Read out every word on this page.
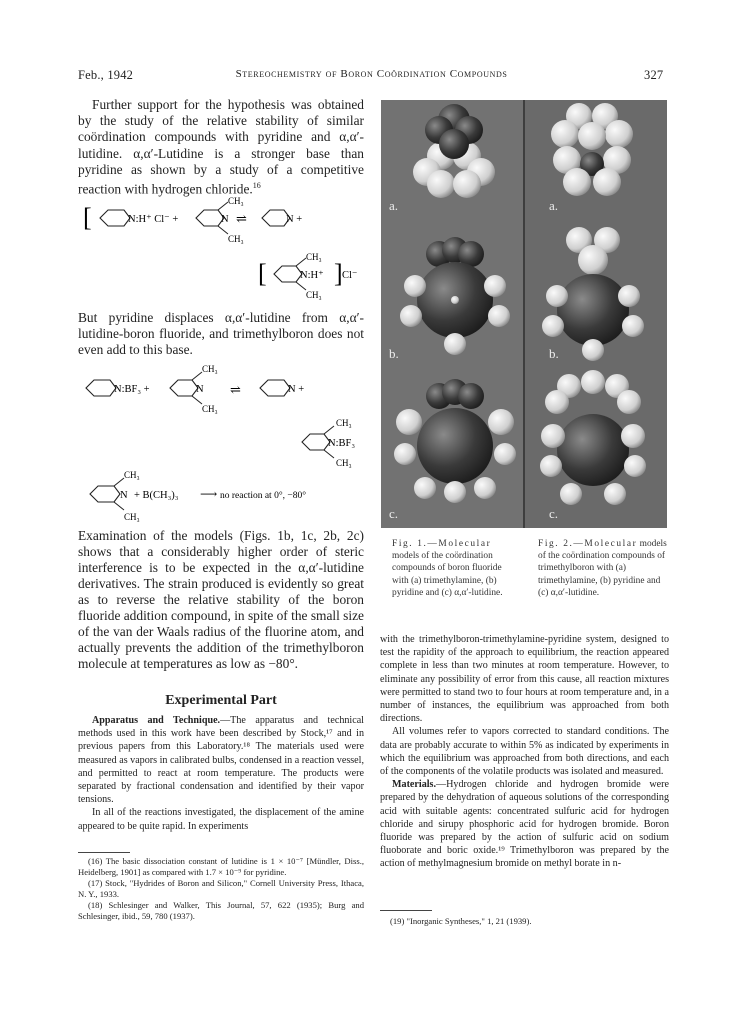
Feb., 1942	Stereochemistry of Boron Coördination Compounds	327

Further support for the hypothesis was obtained by the study of the relative stability of similar coördination compounds with pyridine and α,α′-lutidine. α,α′-Lutidine is a stronger base than pyridine as shown by a study of a competitive reaction with hydrogen chloride.$^{16}$

[	N:H⁺ Cl⁻ +	N
CH₃
CH₃
⇌	N +
[	N:H⁺
CH₃
CH₃
] Cl⁻

But pyridine displaces α,α′-lutidine from α,α′-lutidine-boron fluoride, and trimethylboron does not even add to this base.

N:BF₃ +	N
CH₃
CH₃
⇌	N +
N:BF₃
CH₃
CH₃
N
CH₃
CH₃
+ B(CH₃)₃ ⟶ no reaction at 0°, −80°

Examination of the models (Figs. 1b, 1c, 2b, 2c) shows that a considerably higher order of steric interference is to be expected in the α,α′-lutidine derivatives. The strain produced is evidently so great as to reverse the relative stability of the boron fluoride addition compound, in spite of the small size of the van der Waals radius of the fluorine atom, and actually prevents the addition of the trimethylboron molecule at temperatures as low as −80°.

Experimental Part

Apparatus and Technique.—The apparatus and technical methods used in this work have been described by Stock,¹⁷ and in previous papers from this Laboratory.¹⁸ The materials used were measured as vapors in calibrated bulbs, condensed in a reaction vessel, and permitted to react at room temperature. The products were separated by fractional condensation and identified by their vapor tensions.

In all of the reactions investigated, the displacement of the amine appeared to be quite rapid. In experiments

(16) The basic dissociation constant of lutidine is 1 × 10⁻⁷ [Mündler, Diss., Heidelberg, 1901] as compared with 1.7 × 10⁻⁹ for pyridine.

(17) Stock, "Hydrides of Boron and Silicon," Cornell University Press, Ithaca, N. Y., 1933.

(18) Schlesinger and Walker, This Journal, 57, 622 (1935); Burg and Schlesinger, ibid., 59, 780 (1937).

a.	a.
b.	b.
c.	c.
Fig. 1.—Molecular models of the coördination compounds of boron fluoride with (a) trimethylamine, (b) pyridine and (c) α,α′-lutidine.
Fig. 2.—Molecular models of the coördination compounds of trimethylboron with (a) trimethylamine, (b) pyridine and (c) α,α′-lutidine.

with the trimethylboron-trimethylamine-pyridine system, designed to test the rapidity of the approach to equilibrium, the reaction appeared complete in less than two minutes at room temperature. However, to eliminate any possibility of error from this cause, all reaction mixtures were permitted to stand two to four hours at room temperature and, in a number of instances, the equilibrium was approached from both directions.

All volumes refer to vapors corrected to standard conditions. The data are probably accurate to within 5% as indicated by experiments in which the equilibrium was approached from both directions, and each of the components of the volatile products was isolated and measured.

Materials.—Hydrogen chloride and hydrogen bromide were prepared by the dehydration of aqueous solutions of the corresponding acid with suitable agents: concentrated sulfuric acid for hydrogen chloride and sirupy phosphoric acid for hydrogen bromide. Boron fluoride was prepared by the action of sulfuric acid on sodium fluoborate and boric oxide.¹⁹ Trimethylboron was prepared by the action of methylmagnesium bromide on methyl borate in n-

(19) "Inorganic Syntheses," 1, 21 (1939).
